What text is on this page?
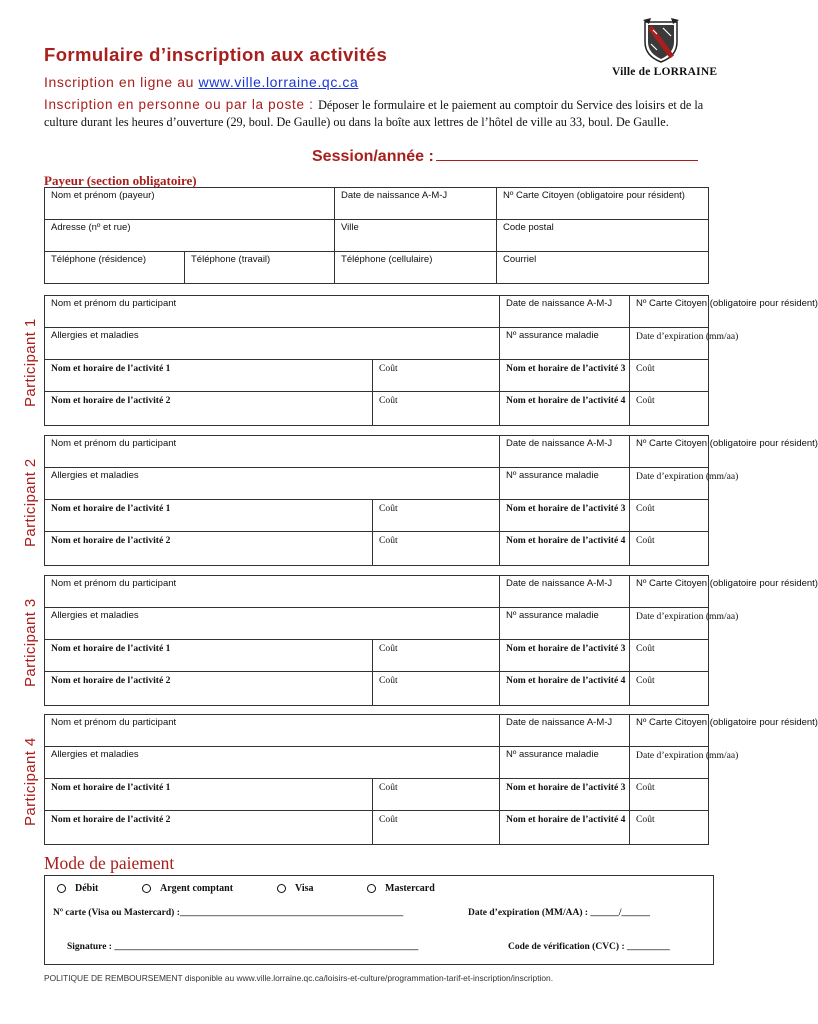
Formulaire d’inscription aux activités
Ville de LORRAINE
Inscription en ligne au www.ville.lorraine.qc.ca
Inscription en personne ou par la poste : Déposer le formulaire et le paiement au comptoir du Service des loisirs et de la culture durant les heures d’ouverture (29, boul. De Gaulle) ou dans la boîte aux lettres de l’hôtel de ville au 33, boul. De Gaulle.
Session/année :
Payeur (section obligatoire)
Nom et prénom (payeur)		Date de naissance A-M-J	Nº Carte Citoyen (obligatoire pour résident)
Adresse (nº et rue)		Ville	Code postal
Téléphone (résidence)	Téléphone (travail)	Téléphone (cellulaire)	Courriel
Participant 1
Nom et prénom du participant		Date de naissance A-M-J	Nº Carte Citoyen (obligatoire pour résident)
Allergies et maladies		Nº assurance maladie	Date d’expiration (mm/aa)
Nom et horaire de l’activité 1	Coût	Nom et horaire de l’activité 3	Coût
Nom et horaire de l’activité 2	Coût	Nom et horaire de l’activité 4	Coût
Participant 2
Nom et prénom du participant		Date de naissance A-M-J	Nº Carte Citoyen (obligatoire pour résident)
Allergies et maladies		Nº assurance maladie	Date d’expiration (mm/aa)
Nom et horaire de l’activité 1	Coût	Nom et horaire de l’activité 3	Coût
Nom et horaire de l’activité 2	Coût	Nom et horaire de l’activité 4	Coût
Participant 3
Nom et prénom du participant		Date de naissance A-M-J	Nº Carte Citoyen (obligatoire pour résident)
Allergies et maladies		Nº assurance maladie	Date d’expiration (mm/aa)
Nom et horaire de l’activité 1	Coût	Nom et horaire de l’activité 3	Coût
Nom et horaire de l’activité 2	Coût	Nom et horaire de l’activité 4	Coût
Participant 4
Nom et prénom du participant		Date de naissance A-M-J	Nº Carte Citoyen (obligatoire pour résident)
Allergies et maladies		Nº assurance maladie	Date d’expiration (mm/aa)
Nom et horaire de l’activité 1	Coût	Nom et horaire de l’activité 3	Coût
Nom et horaire de l’activité 2	Coût	Nom et horaire de l’activité 4	Coût
Mode de paiement
Débit	Argent comptant	Visa	Mastercard
Nº carte (Visa ou Mastercard) :_______________________________________________	Date d’expiration (MM/AA) : ______/______
Signature : ________________________________________________________________	Code de vérification (CVC) : _________
POLITIQUE DE REMBOURSEMENT disponible au www.ville.lorraine.qc.ca/loisirs-et-culture/programmation-tarif-et-inscription/inscription.
